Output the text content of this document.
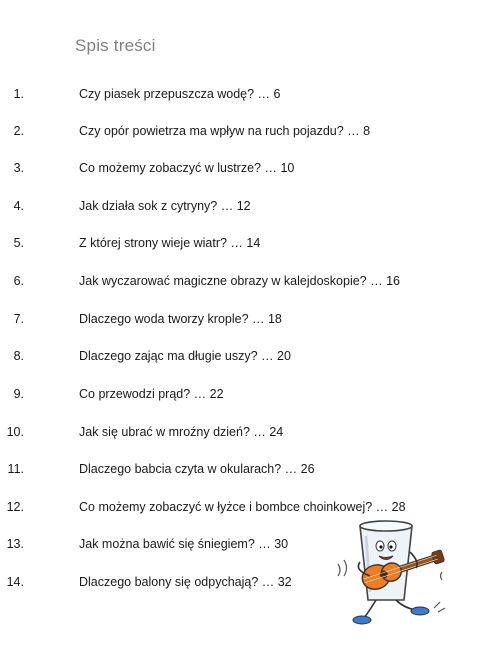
Spis treści
1.	Czy piasek przepuszcza wodę? … 6
2.	Czy opór powietrza ma wpływ na ruch pojazdu? … 8
3.	Co możemy zobaczyć w lustrze? … 10
4.	Jak działa sok z cytryny? … 12
5.	Z której strony wieje wiatr? … 14
6.	Jak wyczarować magiczne obrazy w kalejdoskopie? … 16
7.	Dlaczego woda tworzy krople? … 18
8.	Dlaczego zając ma długie uszy? … 20
9.	Co przewodzi prąd? … 22
10.	Jak się ubrać w mroźny dzień? … 24
11.	Dlaczego babcia czyta w okularach? … 26
12.	Co możemy zobaczyć w łyżce i bombce choinkowej? … 28
13.	Jak można bawić się śniegiem? … 30
14.	Dlaczego balony się odpychają? … 32
